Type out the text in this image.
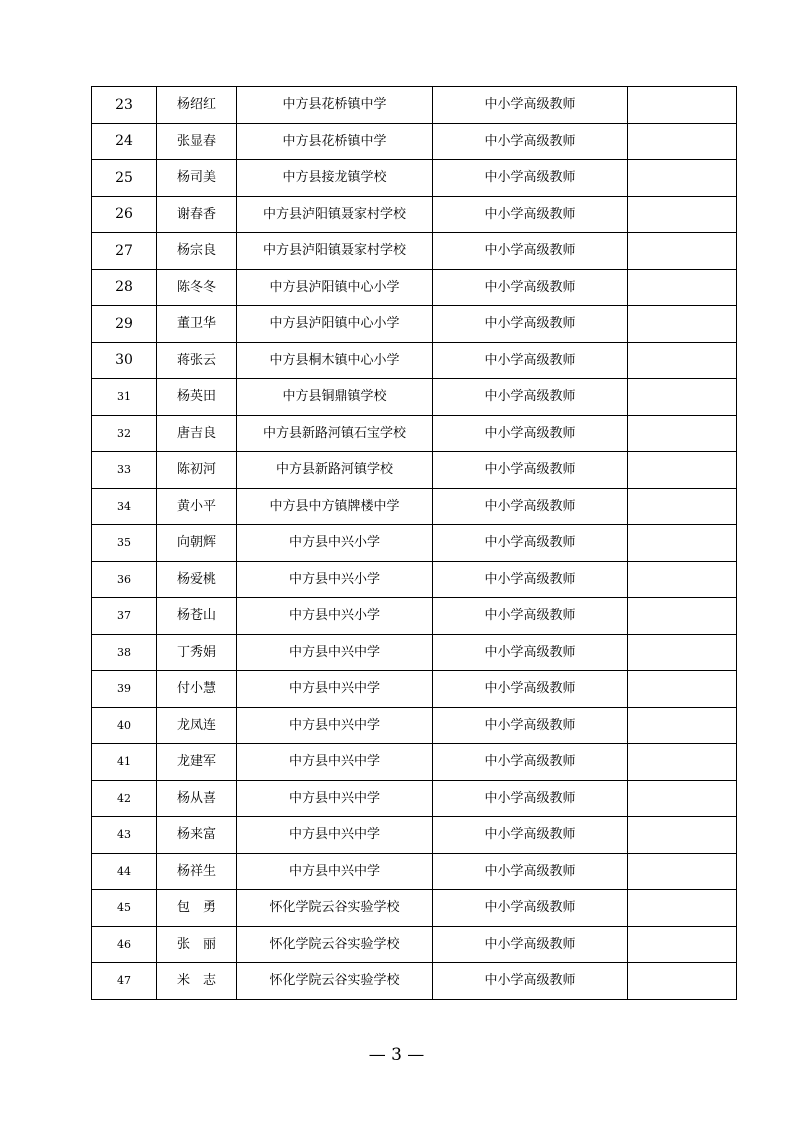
23	杨绍红	中方县花桥镇中学	中小学高级教师	
24	张显春	中方县花桥镇中学	中小学高级教师	
25	杨司美	中方县接龙镇学校	中小学高级教师	
26	谢春香	中方县泸阳镇聂家村学校	中小学高级教师	
27	杨宗良	中方县泸阳镇聂家村学校	中小学高级教师	
28	陈冬冬	中方县泸阳镇中心小学	中小学高级教师	
29	董卫华	中方县泸阳镇中心小学	中小学高级教师	
30	蒋张云	中方县桐木镇中心小学	中小学高级教师	
31	杨英田	中方县铜鼎镇学校	中小学高级教师	
32	唐吉良	中方县新路河镇石宝学校	中小学高级教师	
33	陈初河	中方县新路河镇学校	中小学高级教师	
34	黄小平	中方县中方镇牌楼中学	中小学高级教师	
35	向朝辉	中方县中兴小学	中小学高级教师	
36	杨爱桃	中方县中兴小学	中小学高级教师	
37	杨苍山	中方县中兴小学	中小学高级教师	
38	丁秀娟	中方县中兴中学	中小学高级教师	
39	付小慧	中方县中兴中学	中小学高级教师	
40	龙凤连	中方县中兴中学	中小学高级教师	
41	龙建军	中方县中兴中学	中小学高级教师	
42	杨从喜	中方县中兴中学	中小学高级教师	
43	杨来富	中方县中兴中学	中小学高级教师	
44	杨祥生	中方县中兴中学	中小学高级教师	
45	包　勇	怀化学院云谷实验学校	中小学高级教师	
46	张　丽	怀化学院云谷实验学校	中小学高级教师	
47	米　志	怀化学院云谷实验学校	中小学高级教师	
— 3 —
